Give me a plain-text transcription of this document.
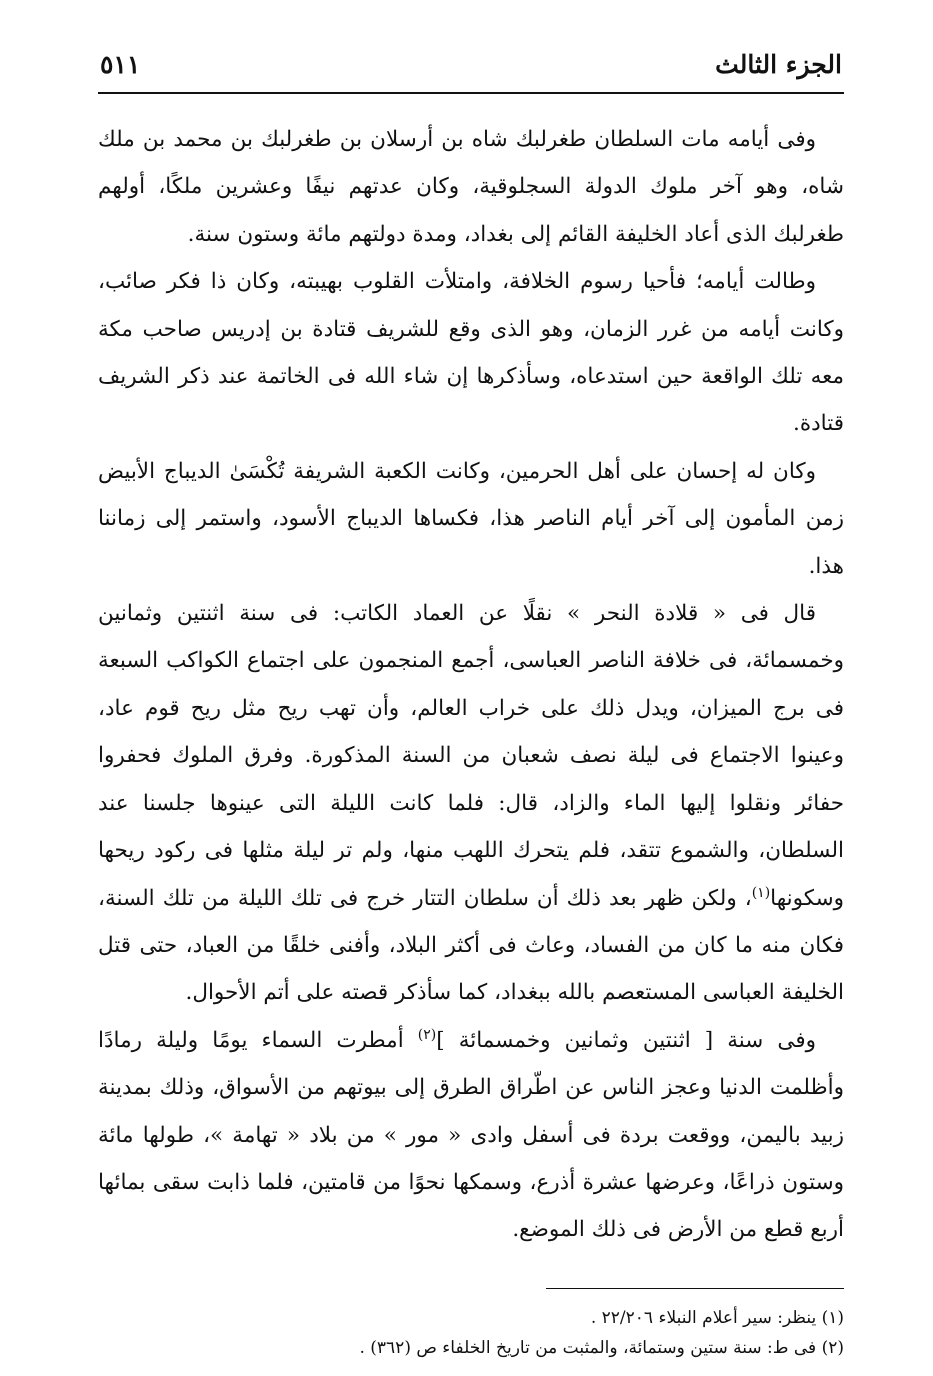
الجزء الثالث
٥١١

وفى أيامه مات السلطان طغرلبك شاه بن أرسلان بن طغرلبك بن محمد بن ملك شاه، وهو آخر ملوك الدولة السجلوقية، وكان عدتهم نيفًا وعشرين ملكًا، أولهم طغرلبك الذى أعاد الخليفة القائم إلى بغداد، ومدة دولتهم مائة وستون سنة.

وطالت أيامه؛ فأحيا رسوم الخلافة، وامتلأت القلوب بهيبته، وكان ذا فكر صائب، وكانت أيامه من غرر الزمان، وهو الذى وقع للشريف قتادة بن إدريس صاحب مكة معه تلك الواقعة حين استدعاه، وسأذكرها إن شاء الله فى الخاتمة عند ذكر الشريف قتادة.

وكان له إحسان على أهل الحرمين، وكانت الكعبة الشريفة تُكْسَىٰ الديباج الأبيض زمن المأمون إلى آخر أيام الناصر هذا، فكساها الديباج الأسود، واستمر إلى زماننا هذا.

قال فى « قلادة النحر » نقلًا عن العماد الكاتب: فى سنة اثنتين وثمانين وخمسمائة، فى خلافة الناصر العباسى، أجمع المنجمون على اجتماع الكواكب السبعة فى برج الميزان، ويدل ذلك على خراب العالم، وأن تهب ريح مثل ريح قوم عاد، وعينوا الاجتماع فى ليلة نصف شعبان من السنة المذكورة. وفرق الملوك فحفروا حفائر ونقلوا إليها الماء والزاد، قال: فلما كانت الليلة التى عينوها جلسنا عند السلطان، والشموع تتقد، فلم يتحرك اللهب منها، ولم تر ليلة مثلها فى ركود ريحها وسكونها$^{(١)}$، ولكن ظهر بعد ذلك أن سلطان التتار خرج فى تلك الليلة من تلك السنة، فكان منه ما كان من الفساد، وعاث فى أكثر البلاد، وأفنى خلقًا من العباد، حتى قتل الخليفة العباسى المستعصم بالله ببغداد، كما سأذكر قصته على أتم الأحوال.

وفى سنة [ اثنتين وثمانين وخمسمائة ]$^{(٢)}$ أمطرت السماء يومًا وليلة رمادًا وأظلمت الدنيا وعجز الناس عن اطّراق الطرق إلى بيوتهم من الأسواق، وذلك بمدينة زبيد باليمن، ووقعت بردة فى أسفل وادى « مور » من بلاد « تهامة »، طولها مائة وستون ذراعًا، وعرضها عشرة أذرع، وسمكها نحوًا من قامتين، فلما ذابت سقى بمائها أربع قطع من الأرض فى ذلك الموضع.

(١) ينظر: سير أعلام النبلاء ٢٢/٢٠٦ .

(٢) فى ط: سنة ستين وستمائة، والمثبت من تاريخ الخلفاء ص (٣٦٢) .
